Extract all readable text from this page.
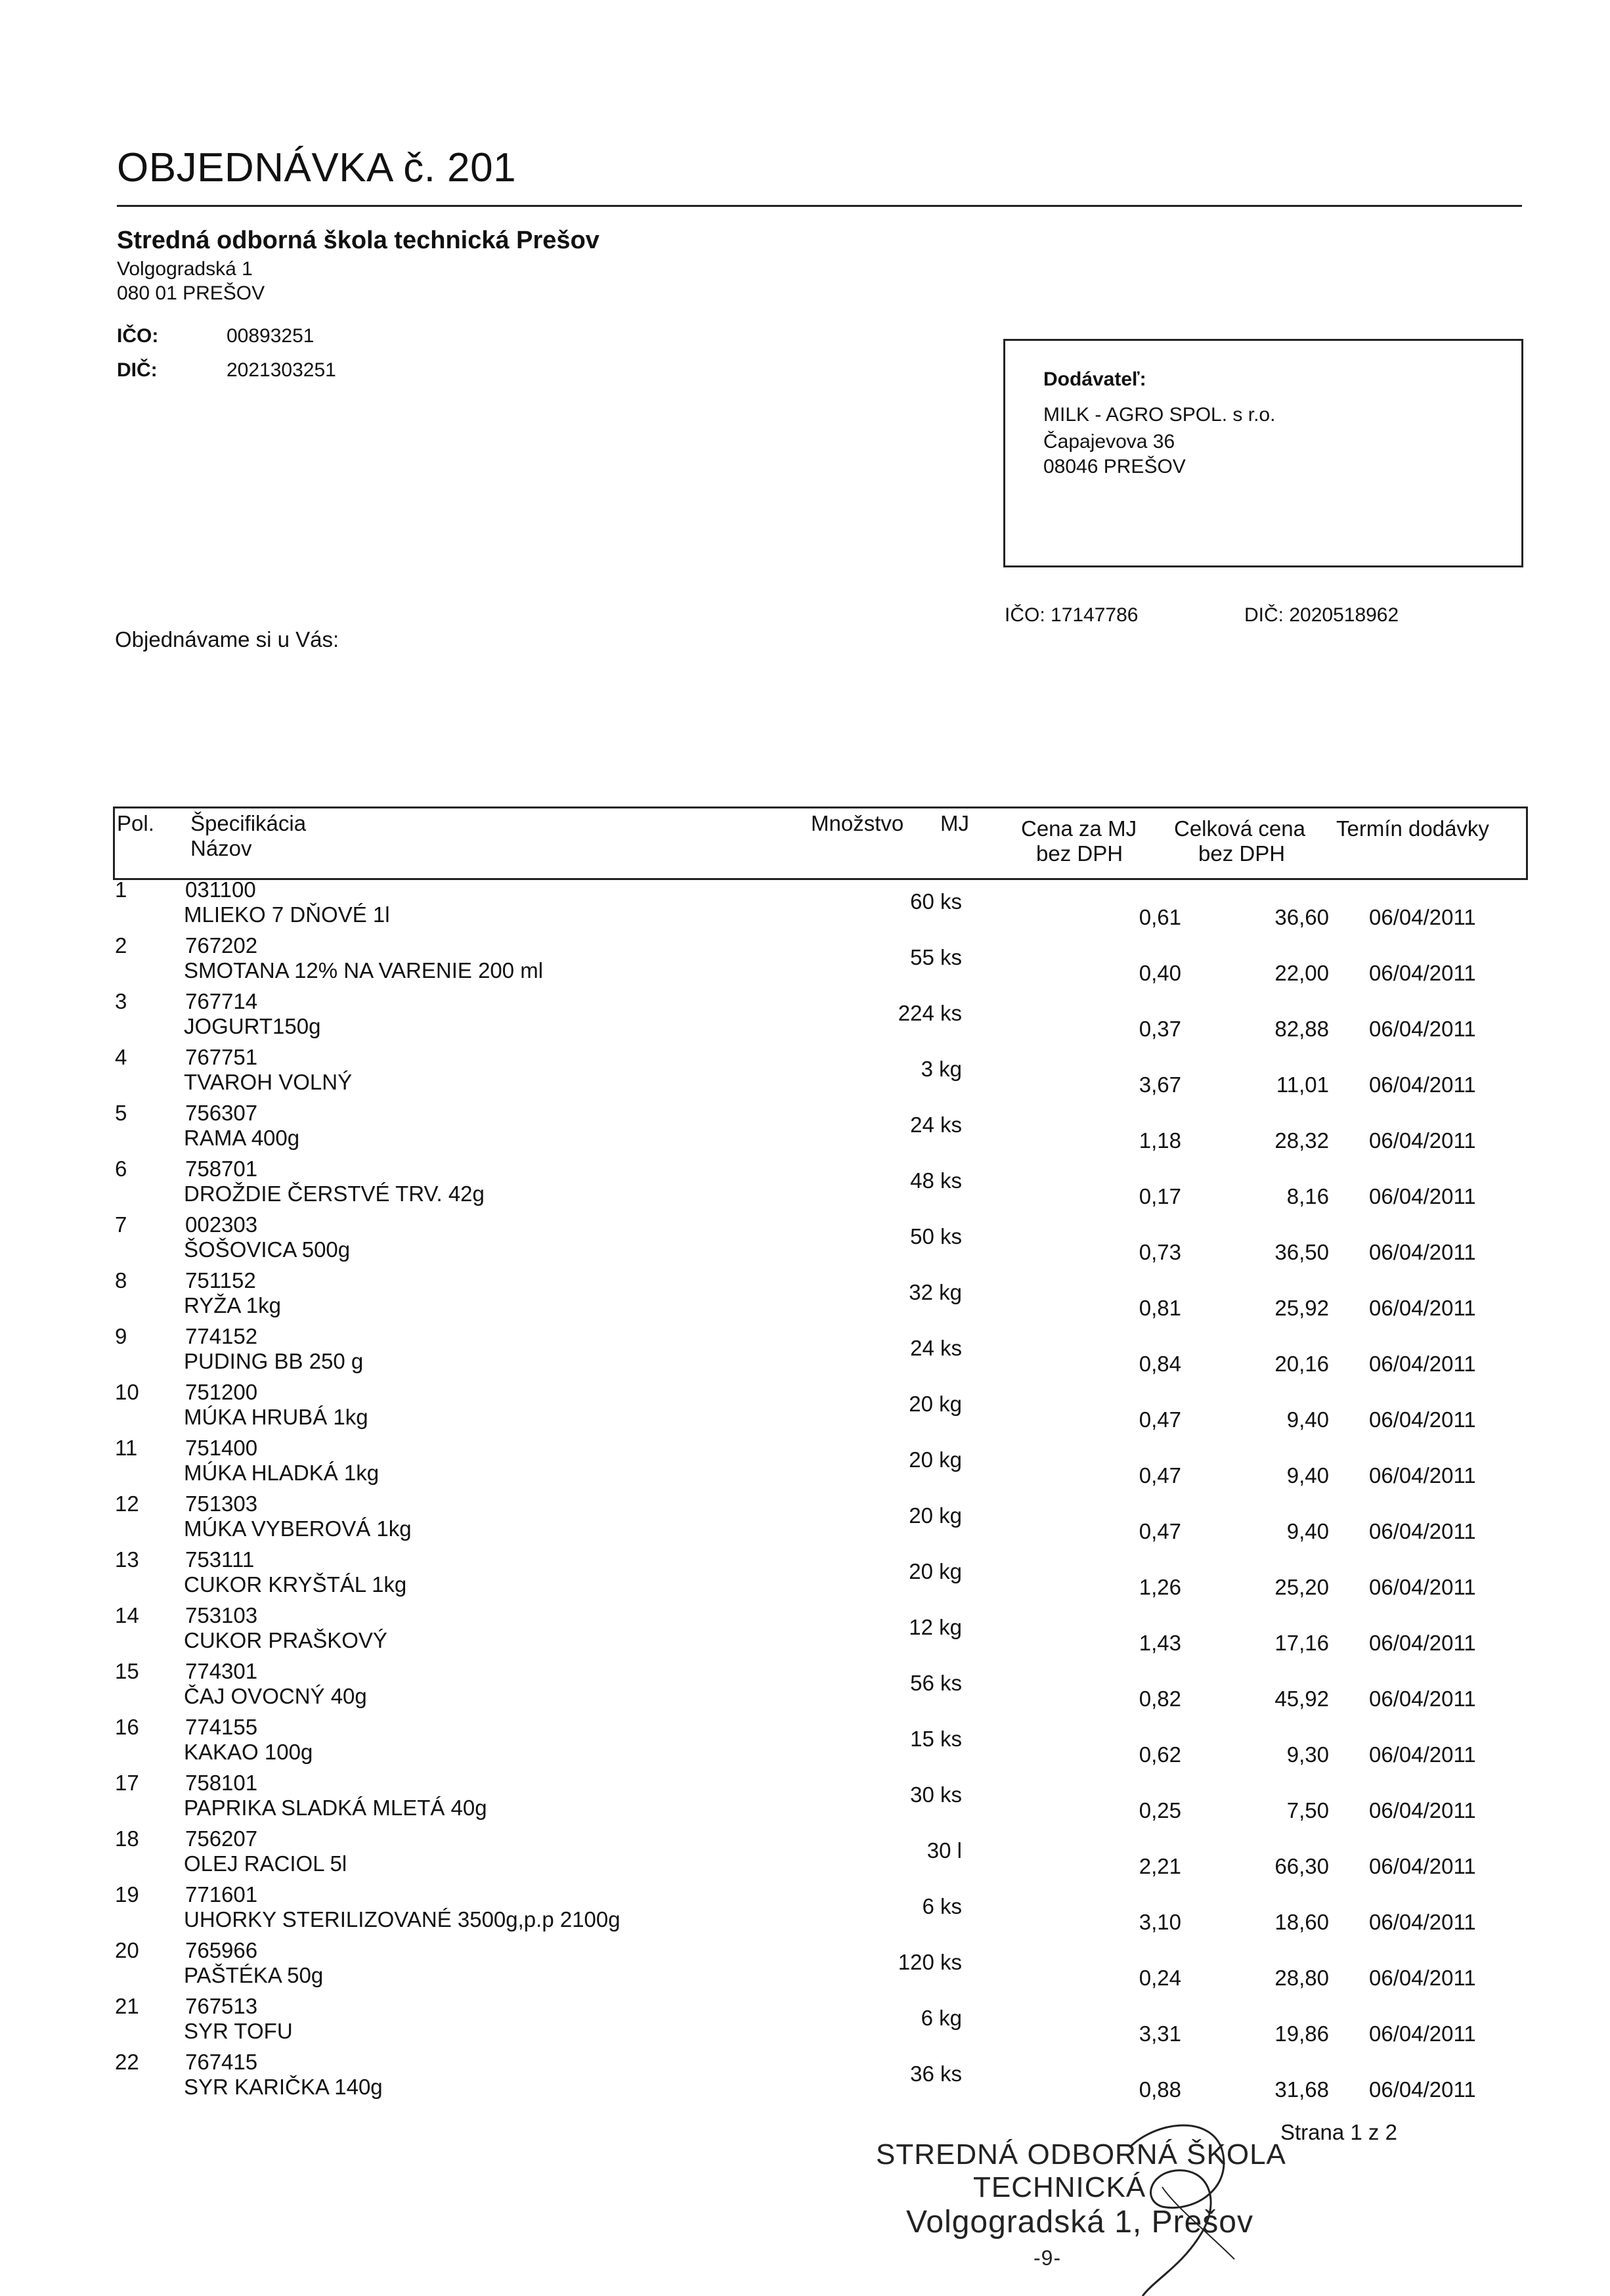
OBJEDNÁVKA č. 201
Stredná odborná škola technická Prešov
Volgogradská 1
080 01 PREŠOV
IČO:	00893251
DIČ:	2021303251	Dodávateľ:
MILK - AGRO SPOL. s r.o.
Čapajevova 36
08046 PREŠOV
IČO: 17147786	DIČ: 2020518962
Objednávame si u Vás:
Pol. Špecifikácia
Názov
Množstvo MJ Cena za MJ
bez DPH
Celková cena
bez DPH
Termín dodávky
1	031100
MLIEKO 7 DŇOVÉ 1l
60 ks
0,61	36,60 06/04/2011
2	767202
SMOTANA 12% NA VARENIE 200 ml
55 ks
0,40	22,00 06/04/2011
3	767714
JOGURT150g
224 ks
0,37	82,88 06/04/2011
4	767751
TVAROH VOLNÝ
3 kg
3,67	11,01 06/04/2011
5	756307
RAMA 400g
24 ks
1,18	28,32 06/04/2011
6	758701
DROŽDIE ČERSTVÉ TRV. 42g
48 ks
0,17	8,16 06/04/2011
7	002303
ŠOŠOVICA 500g
50 ks
0,73	36,50 06/04/2011
8	751152
RYŽA 1kg
32 kg
0,81	25,92 06/04/2011
9	774152
PUDING BB 250 g
24 ks
0,84	20,16 06/04/2011
10 751200
MÚKA HRUBÁ 1kg
20 kg
0,47	9,40 06/04/2011
11 751400
MÚKA HLADKÁ 1kg
20 kg
0,47	9,40 06/04/2011
12 751303
MÚKA VYBEROVÁ 1kg
20 kg
0,47	9,40 06/04/2011
13 753111
CUKOR KRYŠTÁL 1kg
20 kg
1,26	25,20 06/04/2011
14 753103
CUKOR PRAŠKOVÝ
12 kg
1,43	17,16 06/04/2011
15 774301
ČAJ OVOCNÝ 40g
56 ks
0,82	45,92 06/04/2011
16 774155
KAKAO 100g
15 ks
0,62	9,30 06/04/2011
17 758101
PAPRIKA SLADKÁ MLETÁ 40g
30 ks
0,25	7,50 06/04/2011
18 756207
OLEJ RACIOL 5l
30 l
2,21	66,30 06/04/2011
19 771601
UHORKY STERILIZOVANÉ 3500g,p.p 2100g
6 ks
3,10	18,60 06/04/2011
20 765966
PAŠTÉKA 50g
120 ks
0,24	28,80 06/04/2011
21 767513
SYR TOFU
6 kg
3,31	19,86 06/04/2011
22 767415
SYR KARIČKA 140g
36 ks
0,88	31,68 06/04/2011
Strana 1 z 2
STREDNÁ ODBORNÁ ŠKOLA
TECHNICKÁ
Volgogradská 1, Prešov
-9-
